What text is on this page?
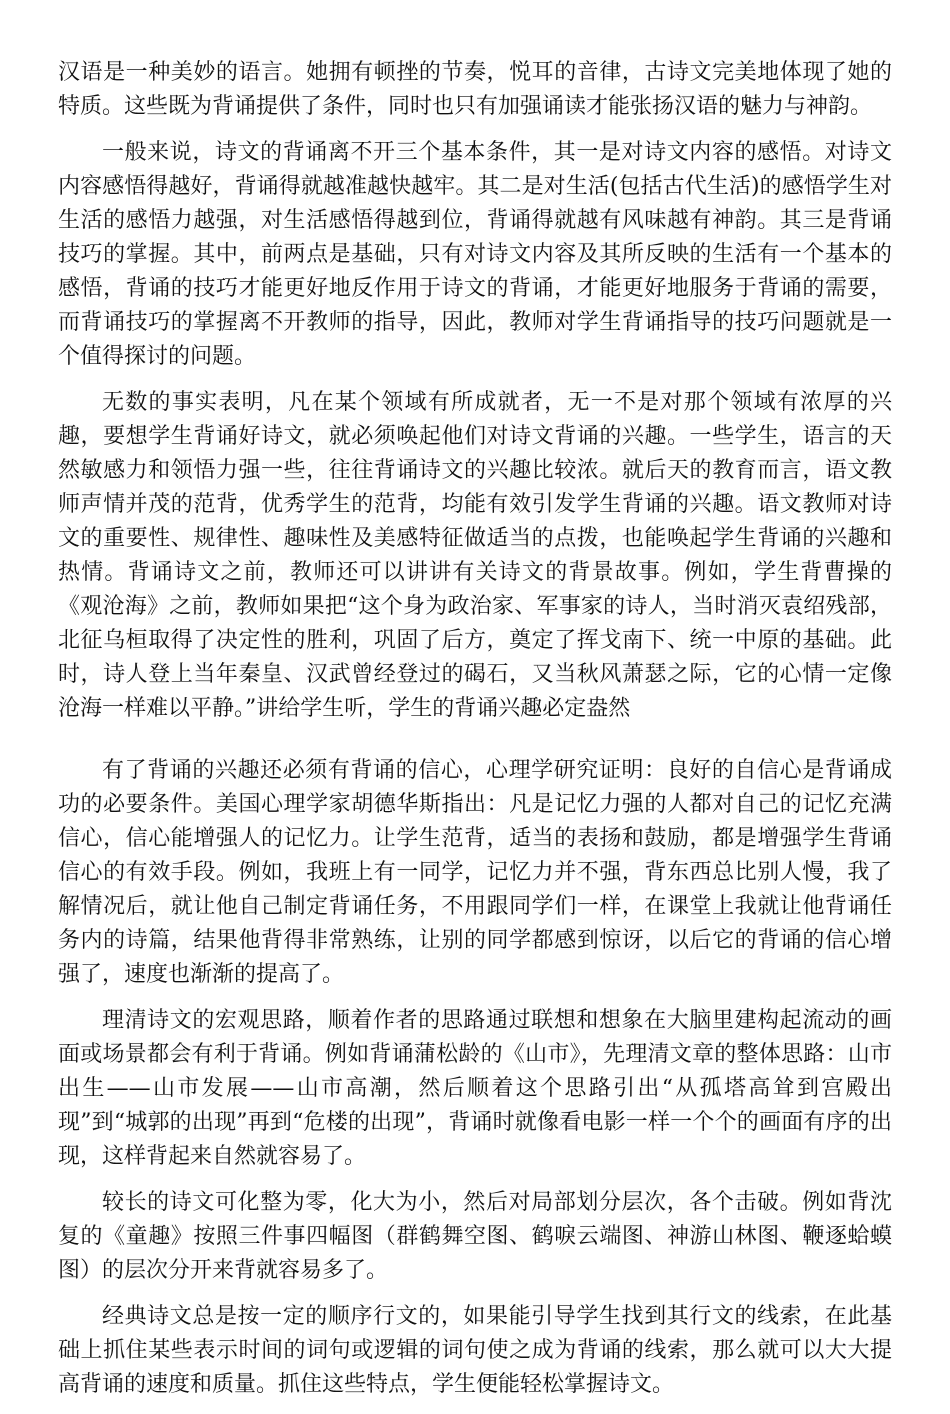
汉语是一种美妙的语言。她拥有顿挫的节奏，悦耳的音律，古诗文完美地体现了她的特质。这些既为背诵提供了条件，同时也只有加强诵读才能张扬汉语的魅力与神韵。

一般来说，诗文的背诵离不开三个基本条件，其一是对诗文内容的感悟。对诗文内容感悟得越好，背诵得就越准越快越牢。其二是对生活(包括古代生活)的感悟学生对生活的感悟力越强，对生活感悟得越到位，背诵得就越有风味越有神韵。其三是背诵技巧的掌握。其中，前两点是基础，只有对诗文内容及其所反映的生活有一个基本的感悟，背诵的技巧才能更好地反作用于诗文的背诵，才能更好地服务于背诵的需要，而背诵技巧的掌握离不开教师的指导，因此，教师对学生背诵指导的技巧问题就是一个值得探讨的问题。

无数的事实表明，凡在某个领域有所成就者，无一不是对那个领域有浓厚的兴趣，要想学生背诵好诗文，就必须唤起他们对诗文背诵的兴趣。一些学生，语言的天然敏感力和领悟力强一些，往往背诵诗文的兴趣比较浓。就后天的教育而言，语文教师声情并茂的范背，优秀学生的范背，均能有效引发学生背诵的兴趣。语文教师对诗文的重要性、规律性、趣味性及美感特征做适当的点拨，也能唤起学生背诵的兴趣和热情。背诵诗文之前，教师还可以讲讲有关诗文的背景故事。例如，学生背曹操的《观沧海》之前，教师如果把“这个身为政治家、军事家的诗人，当时消灭袁绍残部，北征乌桓取得了决定性的胜利，巩固了后方，奠定了挥戈南下、统一中原的基础。此时，诗人登上当年秦皇、汉武曾经登过的碣石，又当秋风萧瑟之际，它的心情一定像沧海一样难以平静。”讲给学生听，学生的背诵兴趣必定盎然

有了背诵的兴趣还必须有背诵的信心，心理学研究证明：良好的自信心是背诵成功的必要条件。美国心理学家胡德华斯指出：凡是记忆力强的人都对自己的记忆充满信心，信心能增强人的记忆力。让学生范背，适当的表扬和鼓励，都是增强学生背诵信心的有效手段。例如，我班上有一同学，记忆力并不强，背东西总比别人慢，我了解情况后，就让他自己制定背诵任务，不用跟同学们一样，在课堂上我就让他背诵任务内的诗篇，结果他背得非常熟练，让别的同学都感到惊讶，以后它的背诵的信心增强了，速度也渐渐的提高了。

理清诗文的宏观思路，顺着作者的思路通过联想和想象在大脑里建构起流动的画面或场景都会有利于背诵。例如背诵蒲松龄的《山市》，先理清文章的整体思路：山市出生——山市发展——山市高潮，然后顺着这个思路引出“从孤塔高耸到宫殿出现”到“城郭的出现”再到“危楼的出现”，背诵时就像看电影一样一个个的画面有序的出现，这样背起来自然就容易了。

较长的诗文可化整为零，化大为小，然后对局部划分层次，各个击破。例如背沈复的《童趣》按照三件事四幅图（群鹤舞空图、鹤唳云端图、神游山林图、鞭逐蛤蟆图）的层次分开来背就容易多了。

经典诗文总是按一定的顺序行文的，如果能引导学生找到其行文的线索，在此基础上抓住某些表示时间的词句或逻辑的词句使之成为背诵的线索，那么就可以大大提高背诵的速度和质量。抓住这些特点，学生便能轻松掌握诗文。
